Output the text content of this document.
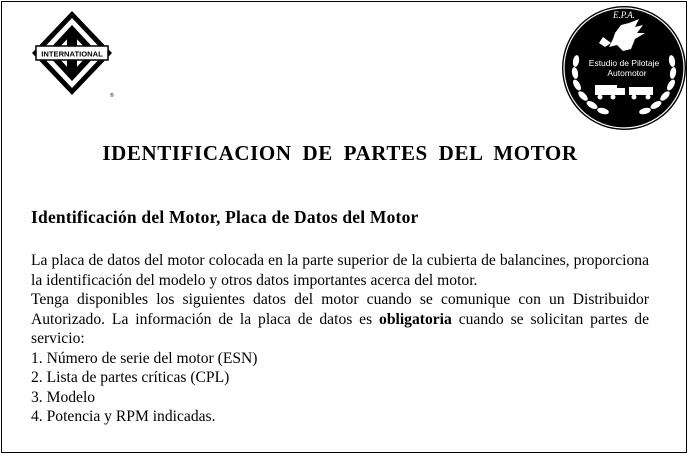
INTERNATIONAL
®
E.P.A.
Estudio de Pilotaje
Automotor
IDENTIFICACION DE PARTES DEL MOTOR
Identificación del Motor, Placa de Datos del Motor

La placa de datos del motor colocada en la parte superior de la cubierta de balancines, proporciona la identificación del modelo y otros datos importantes acerca del motor.

Tenga disponibles los siguientes datos del motor cuando se comunique con un Distribuidor Autorizado. La información de la placa de datos es obligatoria cuando se solicitan partes de servicio:

1. Número de serie del motor (ESN)
2. Lista de partes críticas (CPL)
3. Modelo
4. Potencia y RPM indicadas.
